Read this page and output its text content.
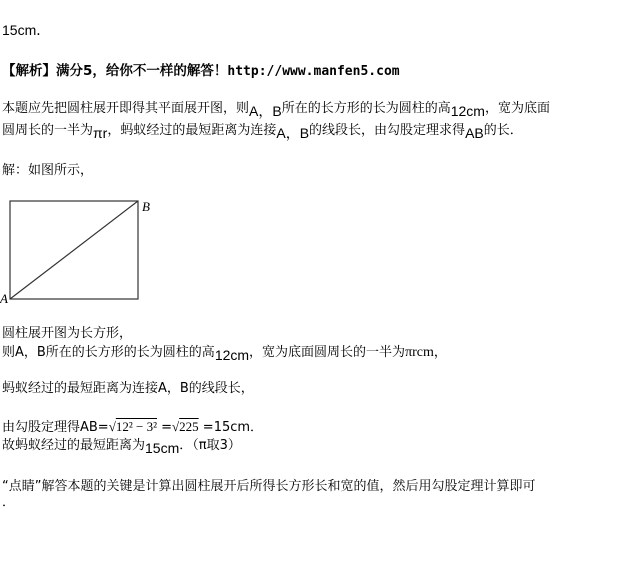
15cm．
【解析】满分5，给你不一样的解答！http://www.manfen5.com
本题应先把圆柱展开即得其平面展开图，则A，B所在的长方形的长为圆柱的高12cm，宽为底面
圆周长的一半为πr，蚂蚁经过的最短距离为连接A，B的线段长，由勾股定理求得AB的长．
解：如图所示，
B
A
圆柱展开图为长方形，
则A，B所在的长方形的长为圆柱的高12cm，宽为底面圆周长的一半为πrcm，
蚂蚁经过的最短距离为连接A，B的线段长，
由勾股定理得AB=√12² − 3² =√225 =15cm．
故蚂蚁经过的最短距离为15cm．（π取3）
“点睛”解答本题的关键是计算出圆柱展开后所得长方形长和宽的值，然后用勾股定理计算即可
．
